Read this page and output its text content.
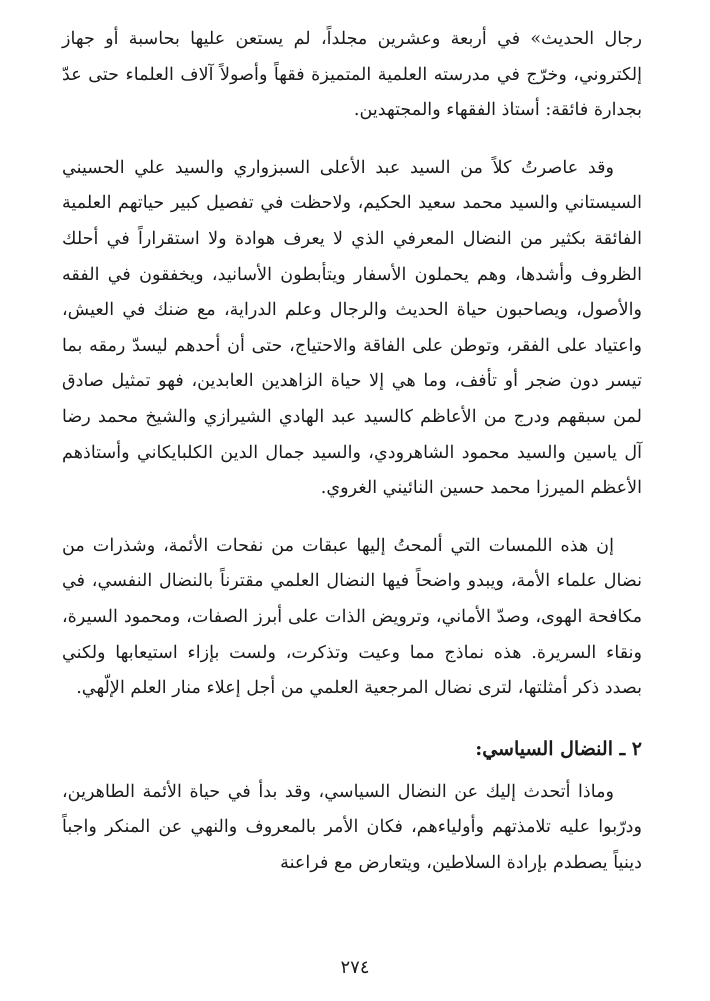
رجال الحديث» في أربعة وعشرين مجلداً، لم يستعن عليها بحاسبة أو جهاز إلكتروني، وخرّج في مدرسته العلمية المتميزة فقهاً وأصولاً آلاف العلماء حتى عدّ بجدارة فائقة: أستاذ الفقهاء والمجتهدين.

وقد عاصرتُ كلاً من السيد عبد الأعلى السبزواري والسيد علي الحسيني السيستاني والسيد محمد سعيد الحكيم، ولاحظت في تفصيل كبير حياتهم العلمية الفائقة بكثير من النضال المعرفي الذي لا يعرف هوادة ولا استقراراً في أحلك الظروف وأشدها، وهم يحملون الأسفار ويتأبطون الأسانيد، ويخفقون في الفقه والأصول، ويصاحبون حياة الحديث والرجال وعلم الدراية، مع ضنك في العيش، واعتياد على الفقر، وتوطن على الفاقة والاحتياج، حتى أن أحدهم ليسدّ رمقه بما تيسر دون ضجر أو تأفف، وما هي إلا حياة الزاهدين العابدين، فهو تمثيل صادق لمن سبقهم ودرج من الأعاظم كالسيد عبد الهادي الشيرازي والشيخ محمد رضا آل ياسين والسيد محمود الشاهرودي، والسيد جمال الدين الكلبايكاني وأستاذهم الأعظم الميرزا محمد حسين النائيني الغروي.

إن هذه اللمسات التي ألمحتُ إليها عبقات من نفحات الأئمة، وشذرات من نضال علماء الأمة، ويبدو واضحاً فيها النضال العلمي مقترناً بالنضال النفسي، في مكافحة الهوى، وصدّ الأماني، وترويض الذات على أبرز الصفات، ومحمود السيرة، ونقاء السريرة. هذه نماذج مما وعيت وتذكرت، ولست بإزاء استيعابها ولكني بصدد ذكر أمثلتها، لترى نضال المرجعية العلمي من أجل إعلاء منار العلم الإلّهي.

٢ ـ النضال السياسي:

وماذا أتحدث إليك عن النضال السياسي، وقد بدأ في حياة الأئمة الطاهرين، ودرّبوا عليه تلامذتهم وأولياءهم، فكان الأمر بالمعروف والنهي عن المنكر واجباً دينياً يصطدم بإرادة السلاطين، ويتعارض مع فراعنة

٢٧٤
